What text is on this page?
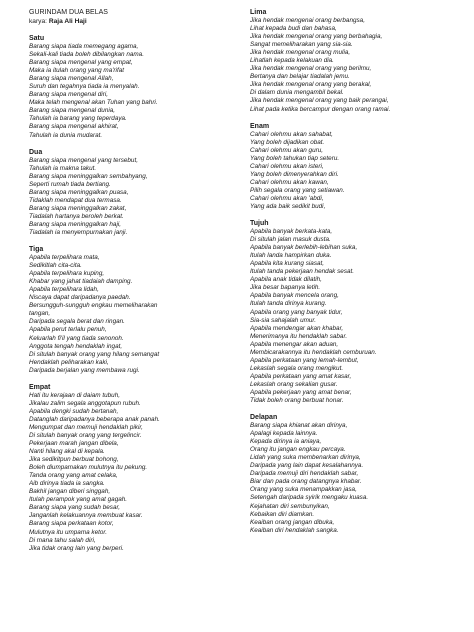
GURINDAM DUA BELAS
karya: Raja Ali Haji
Satu
Barang siapa tiada memegang agama,
Sekali-kali tiada boleh dibilangkan nama.
Barang siapa mengenal yang empat,
Maka ia itulah orang yang ma'rifat
Barang siapa mengenal Allah,
Suruh dan tegahnya tiada ia menyalah.
Barang siapa mengenal diri,
Maka telah mengenal akan Tuhan yang bahri.
Barang siapa mengenal dunia,
Tahulah ia barang yang teperdaya.
Barang siapa mengenal akhirat,
Tahulah ia dunia mudarat.
Dua
Barang siapa mengenal yang tersebut,
Tahulah ia makna takut.
Barang siapa meninggalkan sembahyang,
Seperti rumah tiada bertiang.
Barang siapa meninggalkan puasa,
Tidaklah mendapat dua termasa.
Barang siapa meninggalkan zakat,
Tiadalah hartanya beroleh berkat.
Barang siapa meninggalkan haji,
Tiadalah ia menyempurnakan janji.
Tiga
Apabila terpelihara mata,
Sedikitlah cita-cita.
Apabila terpelihara kuping,
Khabar yang jahat tiadaiah damping.
Apabila terpelihara lidah,
Niscaya dapat daripadanya paedah.
Bersungguh-sungguh engkau memeliharakan
tangan,
Daripada segala berat dan ringan.
Apabila perut terlalu penuh,
Keluarlah fi'il yang tiada senonoh.
Anggota tengah hendaklah ingat,
Di situlah banyak orang yang hilang semangat
Hendaklah peliharakan kaki,
Daripada berjalan yang membawa rugi.
Empat
Hati itu kerajaan di daiam tubuh,
Jikalau zalim segala anggotapun rubuh.
Apabila dengki sudah bertanah,
Datanglah daripadanya beberapa anak panah.
Mengumpat dan memuji hendaklah pikir,
Di situlah banyak orang yang tergelincir.
Pekerjaan marah jangan dibela,
Nanti hilang akal di kepala.
Jika sedikitpun berbuat bohong,
Boleh diumpamakan mulutnya itu pekung.
Tanda orang yang amat celaka,
Aib dirinya tiada ia sangka.
Bakhil jangan diberi singgah,
Itulah perampok yang amat gagah.
Barang siapa yang sudah besar,
Janganlah kelakuannya membuat kasar.
Barang siapa perkataan kotor,
Mulutnya itu umpama ketor.
Di mana tahu salah diri,
Jika tidak orang lain yang berperi.
Lima
Jika hendak mengenai orang berbangsa,
Lihat kepada budi dan bahasa,
Jika hendak mengenal orang yang berbahagia,
Sangat memeliharakan yang sia-sia.
Jika hendak mengenal orang mulia,
Lihatlah kepada kelakuan dia.
Jika hendak mengenal orang yang berilmu,
Bertanya dan belajar tiadalah jemu.
Jika hendak mengenal orang yang berakal,
Di dalam dunia mengambil bekal.
Jika hendak mengenal orang yang baik perangai,
Lihat pada ketika bercampur dengan orang ramai.
Enam
Cahari olehmu akan sahabat,
Yang boleh dijadikan obat.
Cahari olehmu akan guru,
Yang boleh tahukan tiap seteru.
Cahari olehmu akan isteri,
Yang boleh dimenyerahkan diri.
Cahari olehmu akan kawan,
Pilih segala orang yang setiawan.
Cahari olehmu akan 'abdi,
Yang ada baik sedikit budi,
Tujuh
Apabila banyak berkata-kata,
Di situlah jalan masuk dusta.
Apabila banyak berlebih-lebihan suka,
Itulah landa hampirkan duka.
Apabila kita kurang siasat,
Itulah tanda pekerjaan hendak sesat.
Apabila anak tidak dilatih,
Jika besar bapanya letih.
Apabila banyak mencela orang,
Itulah tanda dirinya kurang.
Apabila orang yang banyak tidur,
Sia-sia sahajalah umur.
Apabila mendengar akan khabar,
Menerimanya itu hendaklah sabar.
Apabila menengar akan aduan,
Membicarakannya itu hendaklah cemburuan.
Apabila perkataan yang lemah-lembut,
Lekaslah segala orang mengikut.
Apabila perkataan yang amat kasar,
Lekaslah orang sekalian gusar.
Apabila pekerjaan yang amat benar,
Tidak boleh orang berbuat honar.
Delapan
Barang siapa khianat akan dirinya,
Apalagi kepada lainnya.
Kepada dirinya ia aniaya,
Orang itu jangan engkau percaya.
Lidah yang suka membenarkan dirinya,
Daripada yang lain dapat kesalahannya.
Daripada memuji diri hendaklah sabar,
Biar dan pada orang datangnya khabar.
Orang yang suka menampakkan jasa,
Setengah daripada syirik mengaku kuasa.
Kejahatan diri sembunyikan,
Kebaikan diri diamkan.
Keaiban orang jangan dibuka,
Keaiban diri hendaklah sangka.
